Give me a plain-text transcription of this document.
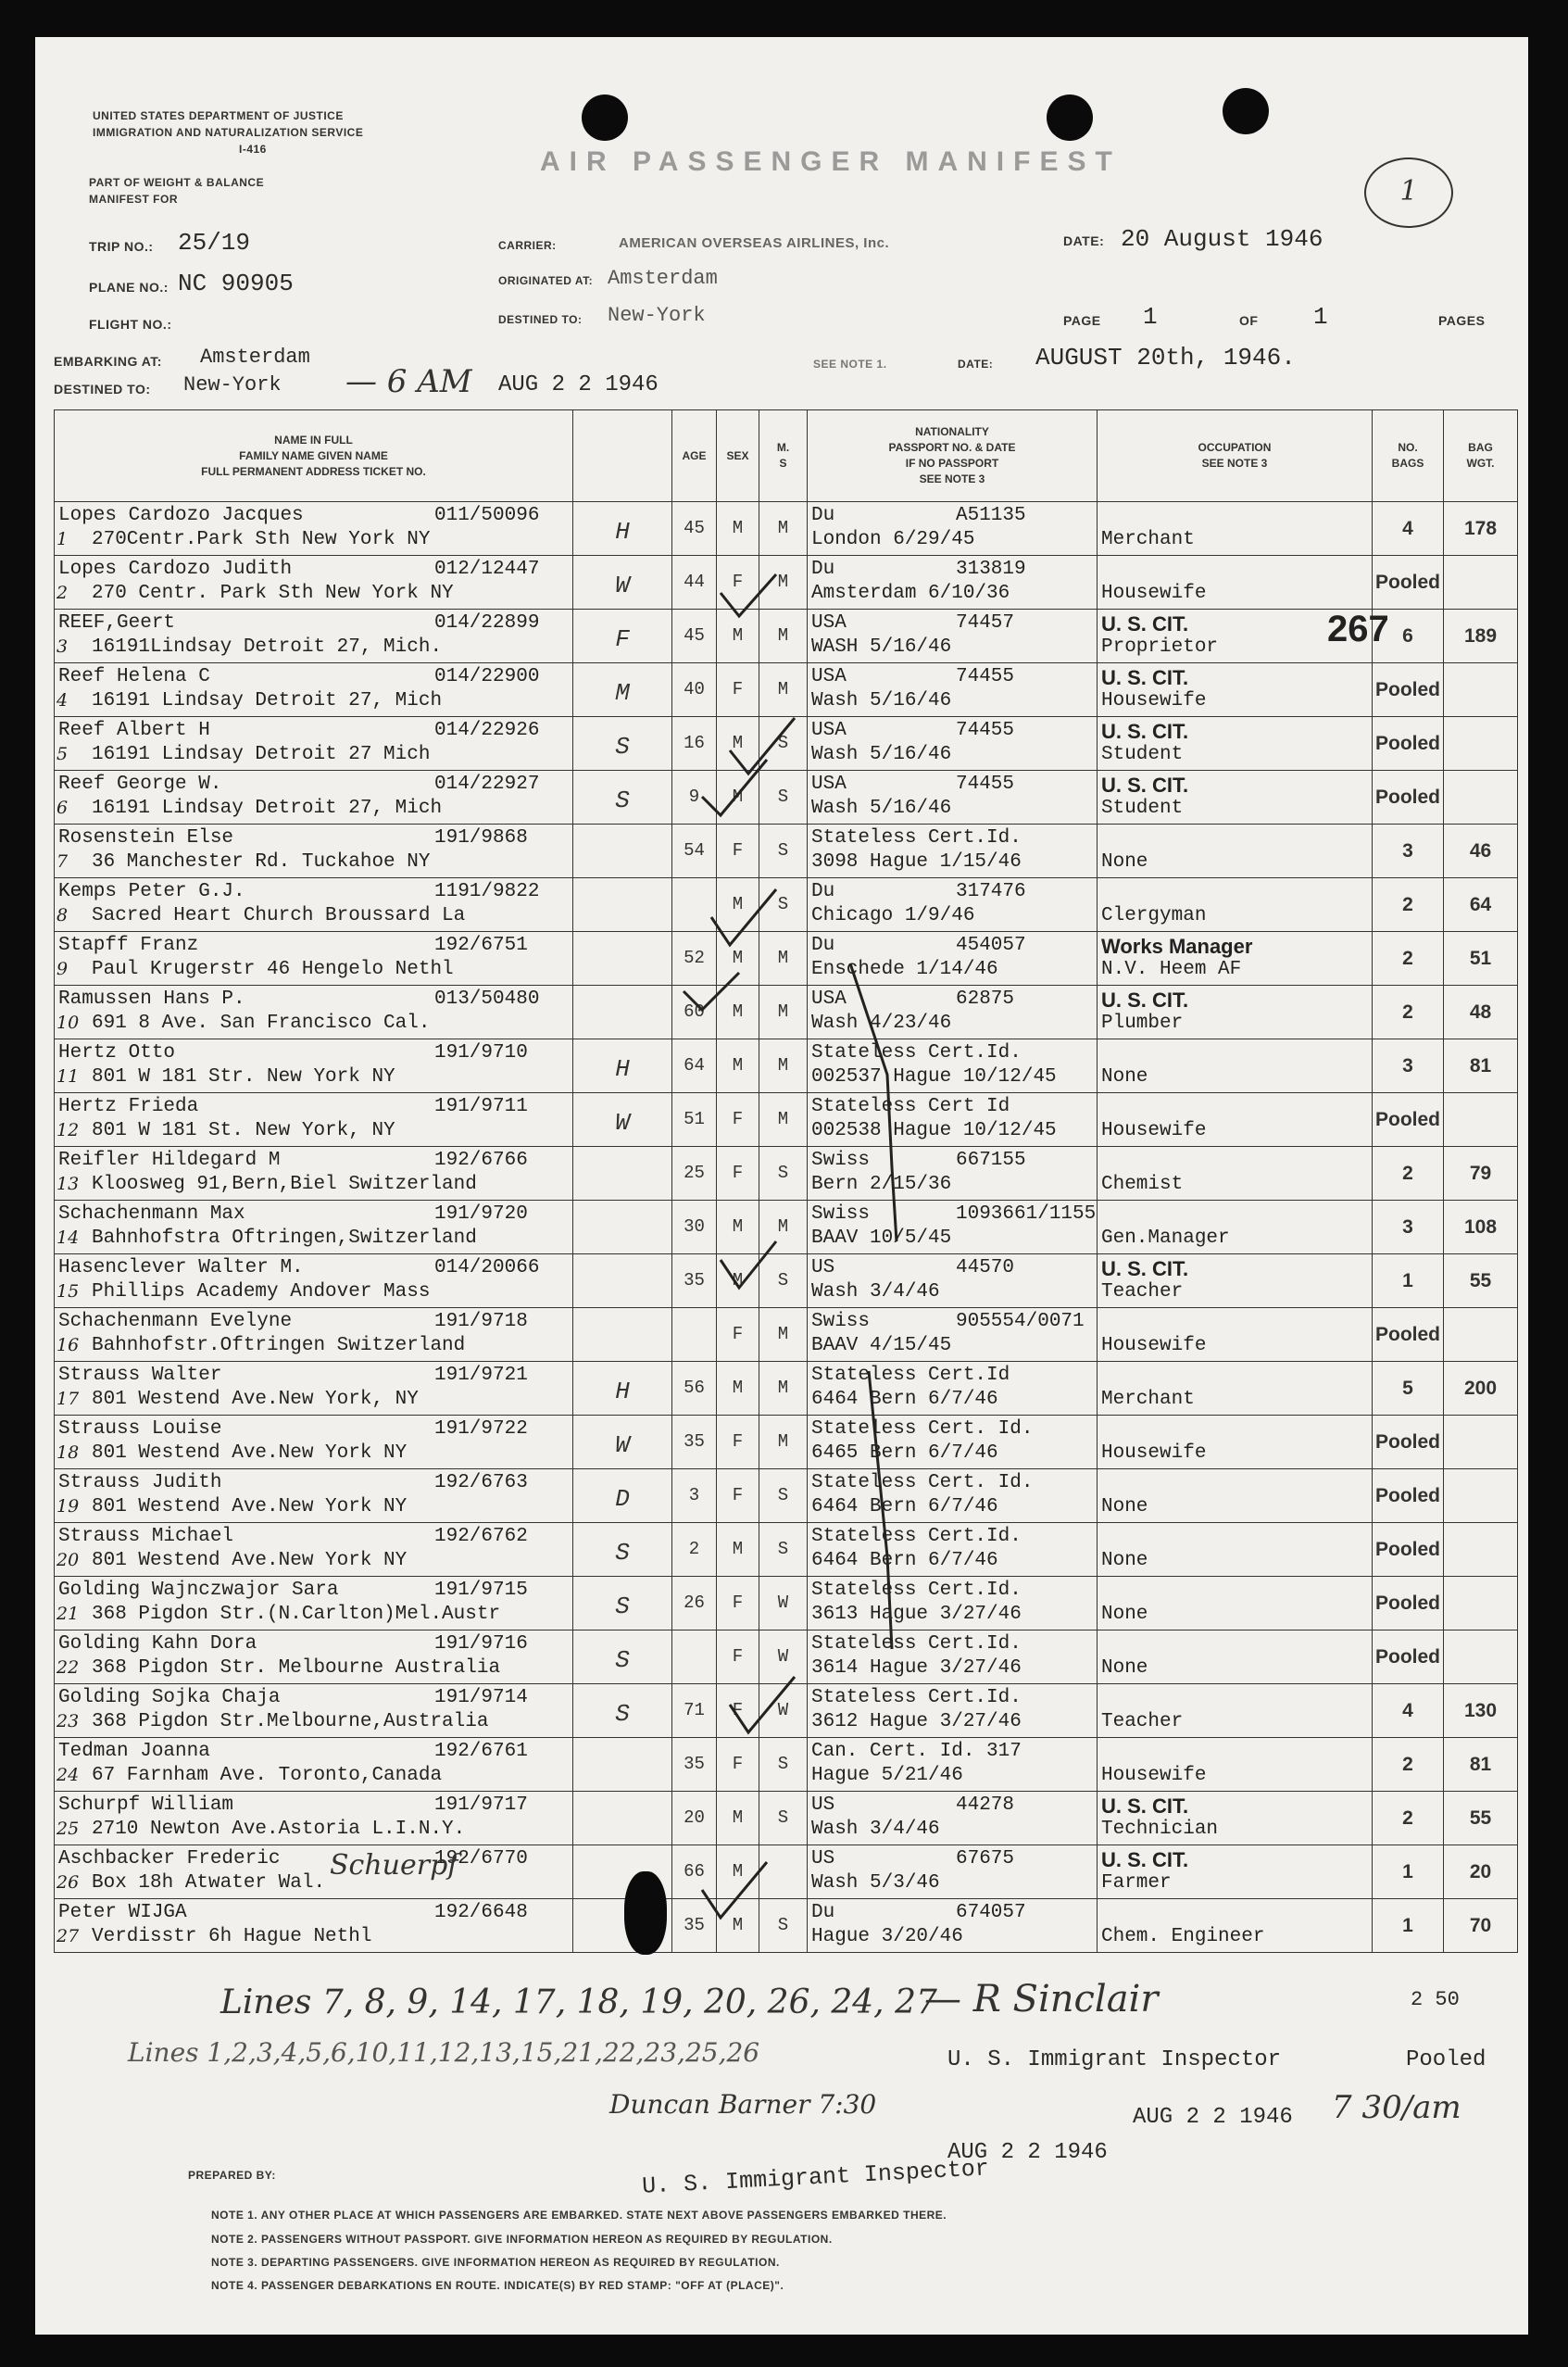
UNITED STATES DEPARTMENT OF JUSTICE
IMMIGRATION AND NATURALIZATION SERVICE
I-416
PART OF WEIGHT & BALANCE
MANIFEST FOR
AIR PASSENGER MANIFEST
1
TRIP NO.: 25/19
PLANE NO.: NC 90905
FLIGHT NO.:
CARRIER:	AMERICAN OVERSEAS AIRLINES, Inc.
ORIGINATED AT: Amsterdam
DESTINED TO: New-York
DATE: 20 August 1946
PAGE 1	OF 1	PAGES
EMBARKING AT: Amsterdam
DESTINED TO: New-York — 6 AM AUG 2 2 1946
SEE NOTE 1.	DATE: AUGUST 20th, 1946.
NAME IN FULL
FAMILY NAME GIVEN NAME
FULL PERMANENT ADDRESS TICKET NO.		AGE	SEX	M.
S	NATIONALITY
PASSPORT NO. & DATE
IF NO PASSPORT
SEE NOTE 3	OCCUPATION
SEE NOTE 3	NO.
BAGS	BAG
WGT.

Lopes Cardozo Jacques 011/50096
1 270Centr.Park Sth New York NY	H	45	M	M	Du A51135
London 6/29/45	Merchant	4	178

Lopes Cardozo Judith 012/12447
2 270 Centr. Park Sth New York NY	W	44	F	M	Du 313819
Amsterdam 6/10/36	Housewife	Pooled	

REEF,Geert 014/22899
3 16191Lindsay Detroit 27, Mich.	F	45	M	M	USA 74457
WASH 5/16/46	U. S. CIT.
Proprietor	6	189

Reef Helena C 014/22900
4 16191 Lindsay Detroit 27, Mich	M	40	F	M	USA 74455
Wash 5/16/46	U. S. CIT.
Housewife	Pooled	

Reef Albert H 014/22926
5 16191 Lindsay Detroit 27 Mich	S	16	M	S	USA 74455
Wash 5/16/46	U. S. CIT.
Student	Pooled	

Reef George W. 014/22927
6 16191 Lindsay Detroit 27, Mich	S	9	M	S	USA 74455
Wash 5/16/46	U. S. CIT.
Student	Pooled	

Rosenstein Else 191/9868
7 36 Manchester Rd. Tuckahoe NY		54	F	S	Stateless Cert.Id.
3098 Hague 1/15/46	None	3	46

Kemps Peter G.J. 1191/9822
8 Sacred Heart Church Broussard La			M	S	Du 317476
Chicago 1/9/46	Clergyman	2	64

Stapff Franz 192/6751
9 Paul Krugerstr 46 Hengelo Nethl		52	M	M	Du 454057
Enschede 1/14/46	Works Manager
N.V. Heem AF	2	51

Ramussen Hans P. 013/50480
10 691 8 Ave. San Francisco Cal.		60	M	M	USA 62875
Wash 4/23/46	U. S. CIT.
Plumber	2	48

Hertz Otto 191/9710
11 801 W 181 Str. New York NY	H	64	M	M	Stateless Cert.Id.
002537 Hague 10/12/45	None	3	81

Hertz Frieda 191/9711
12 801 W 181 St. New York, NY	W	51	F	M	Stateless Cert Id
002538 Hague 10/12/45	Housewife	Pooled	

Reifler Hildegard M 192/6766
13 Kloosweg 91,Bern,Biel Switzerland		25	F	S	Swiss 667155
Bern 2/15/36	Chemist	2	79

Schachenmann Max 191/9720
14 Bahnhofstra Oftringen,Switzerland		30	M	M	Swiss 1093661/1155
BAAV 10/5/45	Gen.Manager	3	108

Hasenclever Walter M. 014/20066
15 Phillips Academy Andover Mass		35	M	S	US 44570
Wash 3/4/46	U. S. CIT.
Teacher	1	55

Schachenmann Evelyne 191/9718
16 Bahnhofstr.Oftringen Switzerland			F	M	Swiss 905554/0071
BAAV 4/15/45	Housewife	Pooled	

Strauss Walter 191/9721
17 801 Westend Ave.New York, NY	H	56	M	M	Stateless Cert.Id
6464 Bern 6/7/46	Merchant	5	200

Strauss Louise 191/9722
18 801 Westend Ave.New York NY	W	35	F	M	Stateless Cert. Id.
6465 Bern 6/7/46	Housewife	Pooled	

Strauss Judith 192/6763
19 801 Westend Ave.New York NY	D	3	F	S	Stateless Cert. Id.
6464 Bern 6/7/46	None	Pooled	

Strauss Michael 192/6762
20 801 Westend Ave.New York NY	S	2	M	S	Stateless Cert.Id.
6464 Bern 6/7/46	None	Pooled	

Golding Wajnczwajor Sara 191/9715
21 368 Pigdon Str.(N.Carlton)Mel.Austr	S	26	F	W	Stateless Cert.Id.
3613 Hague 3/27/46	None	Pooled	

Golding Kahn Dora 191/9716
22 368 Pigdon Str. Melbourne Australia	S		F	W	Stateless Cert.Id.
3614 Hague 3/27/46	None	Pooled	

Golding Sojka Chaja 191/9714
23 368 Pigdon Str.Melbourne,Australia	S	71	F	W	Stateless Cert.Id.
3612 Hague 3/27/46	Teacher	4	130

Tedman Joanna 192/6761
24 67 Farnham Ave. Toronto,Canada		35	F	S	Can. Cert. Id. 317
Hague 5/21/46	Housewife	2	81

Schurpf William 191/9717
25 2710 Newton Ave.Astoria L.I.N.Y.		20	M	S	US 44278
Wash 3/4/46	U. S. CIT.
Technician	2	55

Aschbacker Frederic 192/6770
26 Box 18h Atwater Wal.		66	M		US 67675
Wash 5/3/46	U. S. CIT.
Farmer	1	20

Peter WIJGA 192/6648
27 Verdisstr 6h Hague Nethl		35	M	S	Du 674057
Hague 3/20/46	Chem. Engineer	1	70
267
Schuerpf
Lines 7, 8, 9, 14, 17, 18, 19, 20, 26, 24, 27
— R Sinclair	2 50
Lines 1,2,3,4,5,6,10,11,12,13,15,21,22,23,25,26	U. S. Immigrant Inspector	Pooled
Duncan Barner 7:30	AUG 2 2 1946 7 30/am
PREPARED BY:
AUG 2 2 1946
U. S. Immigrant Inspector
NOTE 1. ANY OTHER PLACE AT WHICH PASSENGERS ARE EMBARKED. STATE NEXT ABOVE PASSENGERS EMBARKED THERE.
NOTE 2. PASSENGERS WITHOUT PASSPORT. GIVE INFORMATION HEREON AS REQUIRED BY REGULATION.
NOTE 3. DEPARTING PASSENGERS. GIVE INFORMATION HEREON AS REQUIRED BY REGULATION.
NOTE 4. PASSENGER DEBARKATIONS EN ROUTE. INDICATE(S) BY RED STAMP: "OFF AT (PLACE)".
